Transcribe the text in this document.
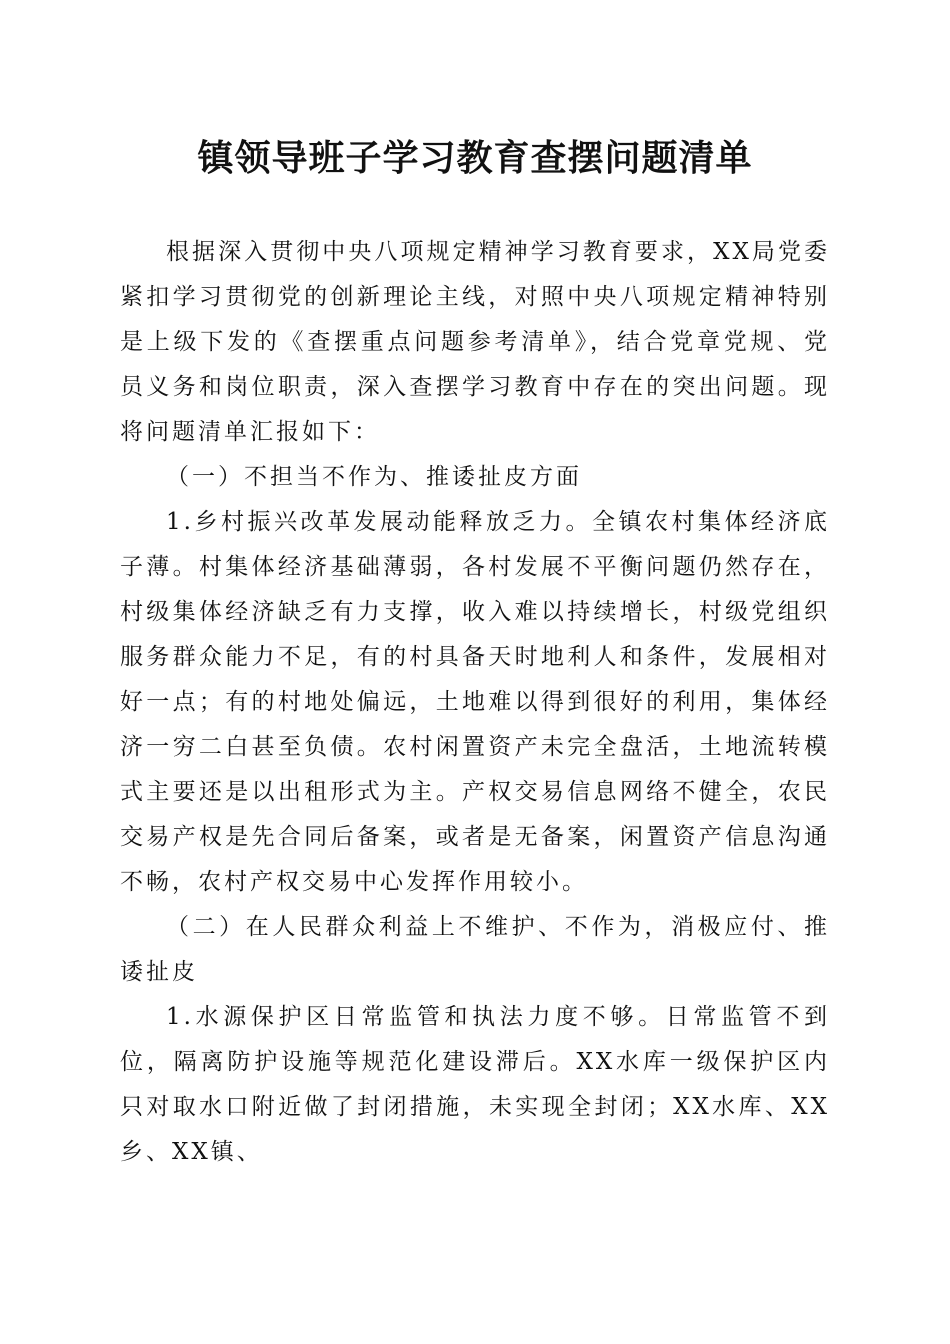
镇领导班子学习教育查摆问题清单

根据深入贯彻中央八项规定精神学习教育要求，XX局党委紧扣学习贯彻党的创新理论主线，对照中央八项规定精神特别是上级下发的《查摆重点问题参考清单》，结合党章党规、党员义务和岗位职责，深入查摆学习教育中存在的突出问题。现将问题清单汇报如下：

（一）不担当不作为、推诿扯皮方面

1.乡村振兴改革发展动能释放乏力。全镇农村集体经济底子薄。村集体经济基础薄弱，各村发展不平衡问题仍然存在，村级集体经济缺乏有力支撑，收入难以持续增长，村级党组织服务群众能力不足，有的村具备天时地利人和条件，发展相对好一点；有的村地处偏远，土地难以得到很好的利用，集体经济一穷二白甚至负债。农村闲置资产未完全盘活，土地流转模式主要还是以出租形式为主。产权交易信息网络不健全，农民交易产权是先合同后备案，或者是无备案，闲置资产信息沟通不畅，农村产权交易中心发挥作用较小。

（二）在人民群众利益上不维护、不作为，消极应付、推诿扯皮

1.水源保护区日常监管和执法力度不够。日常监管不到位，隔离防护设施等规范化建设滞后。XX水库一级保护区内只对取水口附近做了封闭措施，未实现全封闭；XX水库、XX乡、XX镇、
